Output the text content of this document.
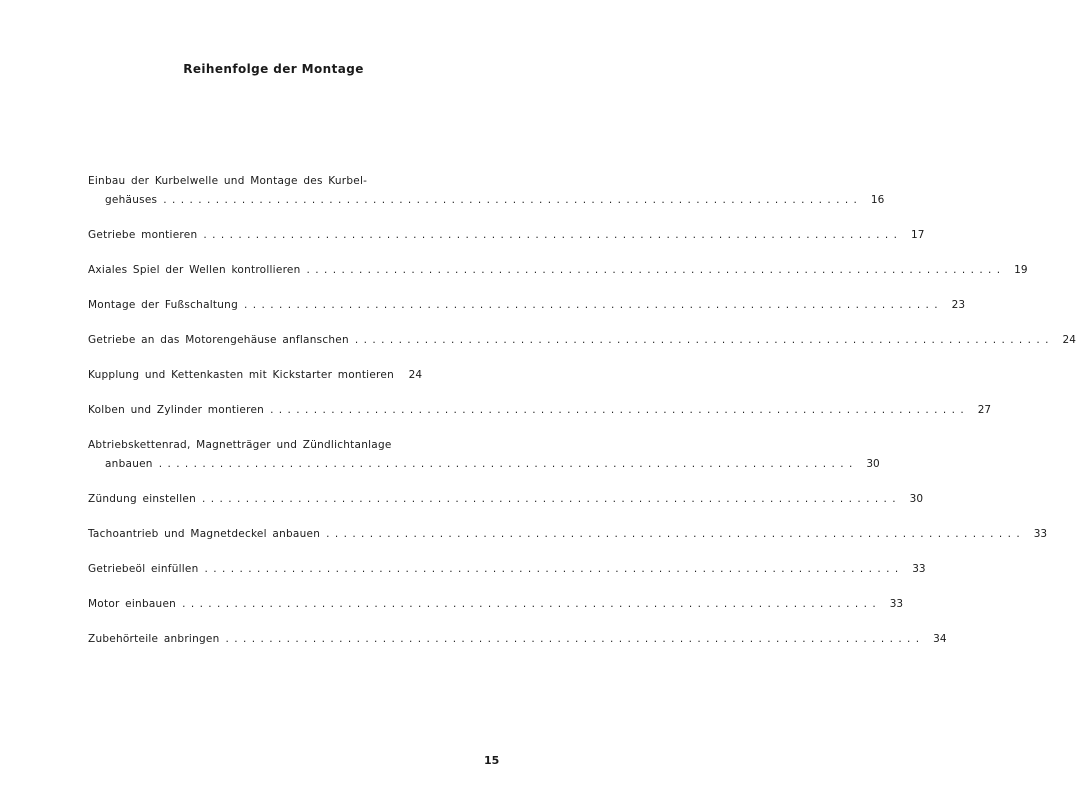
Reihenfolge der Montage
Einbau der Kurbelwelle und Montage des Kurbel-
gehäuses ................................................................................ 16
Getriebe montieren ................................................................................ 17
Axiales Spiel der Wellen kontrollieren ................................................................................ 19
Montage der Fußschaltung ................................................................................ 23
Getriebe an das Motorengehäuse anflanschen ................................................................................ 24
Kupplung und Kettenkasten mit Kickstarter montieren	24
Kolben und Zylinder montieren ................................................................................ 27
Abtriebskettenrad, Magnetträger und Zündlichtanlage
anbauen ................................................................................ 30
Zündung einstellen ................................................................................ 30
Tachoantrieb und Magnetdeckel anbauen ................................................................................ 33
Getriebeöl einfüllen ................................................................................ 33
Motor einbauen ................................................................................ 33
Zubehörteile anbringen ................................................................................ 34
15
